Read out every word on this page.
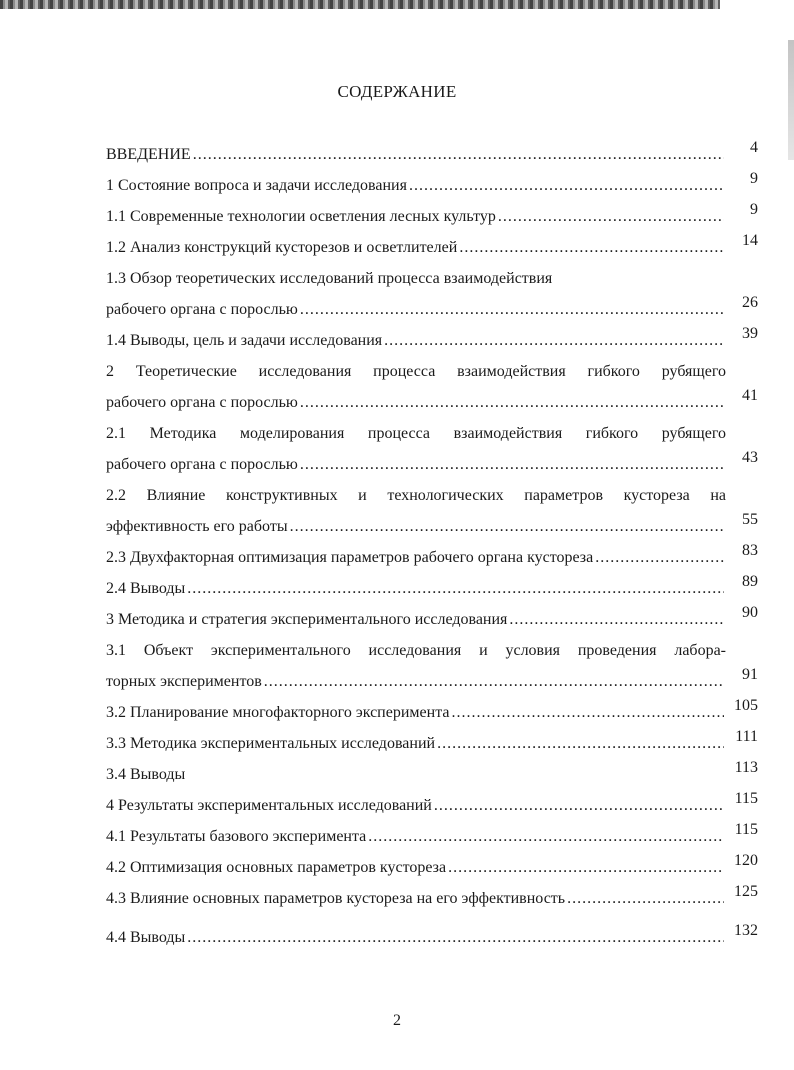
СОДЕРЖАНИЕ
ВВЕДЕНИЕ .....	4
1 Состояние вопроса и задачи исследования .....	9
1.1 Современные технологии осветления лесных культур .....	9
1.2 Анализ конструкций кусторезов и осветлителей .....	14
1.3 Обзор теоретических исследований процесса взаимодействия
рабочего органа с порослью .....	26
1.4 Выводы, цель и задачи исследования .....	39
2 Теоретические исследования процесса взаимодействия гибкого рубящего
рабочего органа с порослью .....	41
2.1 Методика моделирования процесса взаимодействия гибкого рубящего
рабочего органа с порослью .....	43
2.2 Влияние конструктивных и технологических параметров кустореза на
эффективность его работы .....	55
2.3 Двухфакторная оптимизация параметров рабочего органа кустореза .....	83
2.4 Выводы .....	89
3 Методика и стратегия экспериментального исследования .....	90
3.1 Объект экспериментального исследования и условия проведения лабора-
торных экспериментов .....	91
3.2 Планирование многофакторного эксперимента .....	105
3.3 Методика экспериментальных исследований .....	111
3.4 Выводы	113
4 Результаты экспериментальных исследований .....	115
4.1 Результаты базового эксперимента .....	115
4.2 Оптимизация основных параметров кустореза .....	120
4.3 Влияние основных параметров кустореза на его эффективность .....	125
4.4 Выводы .....	132
2
